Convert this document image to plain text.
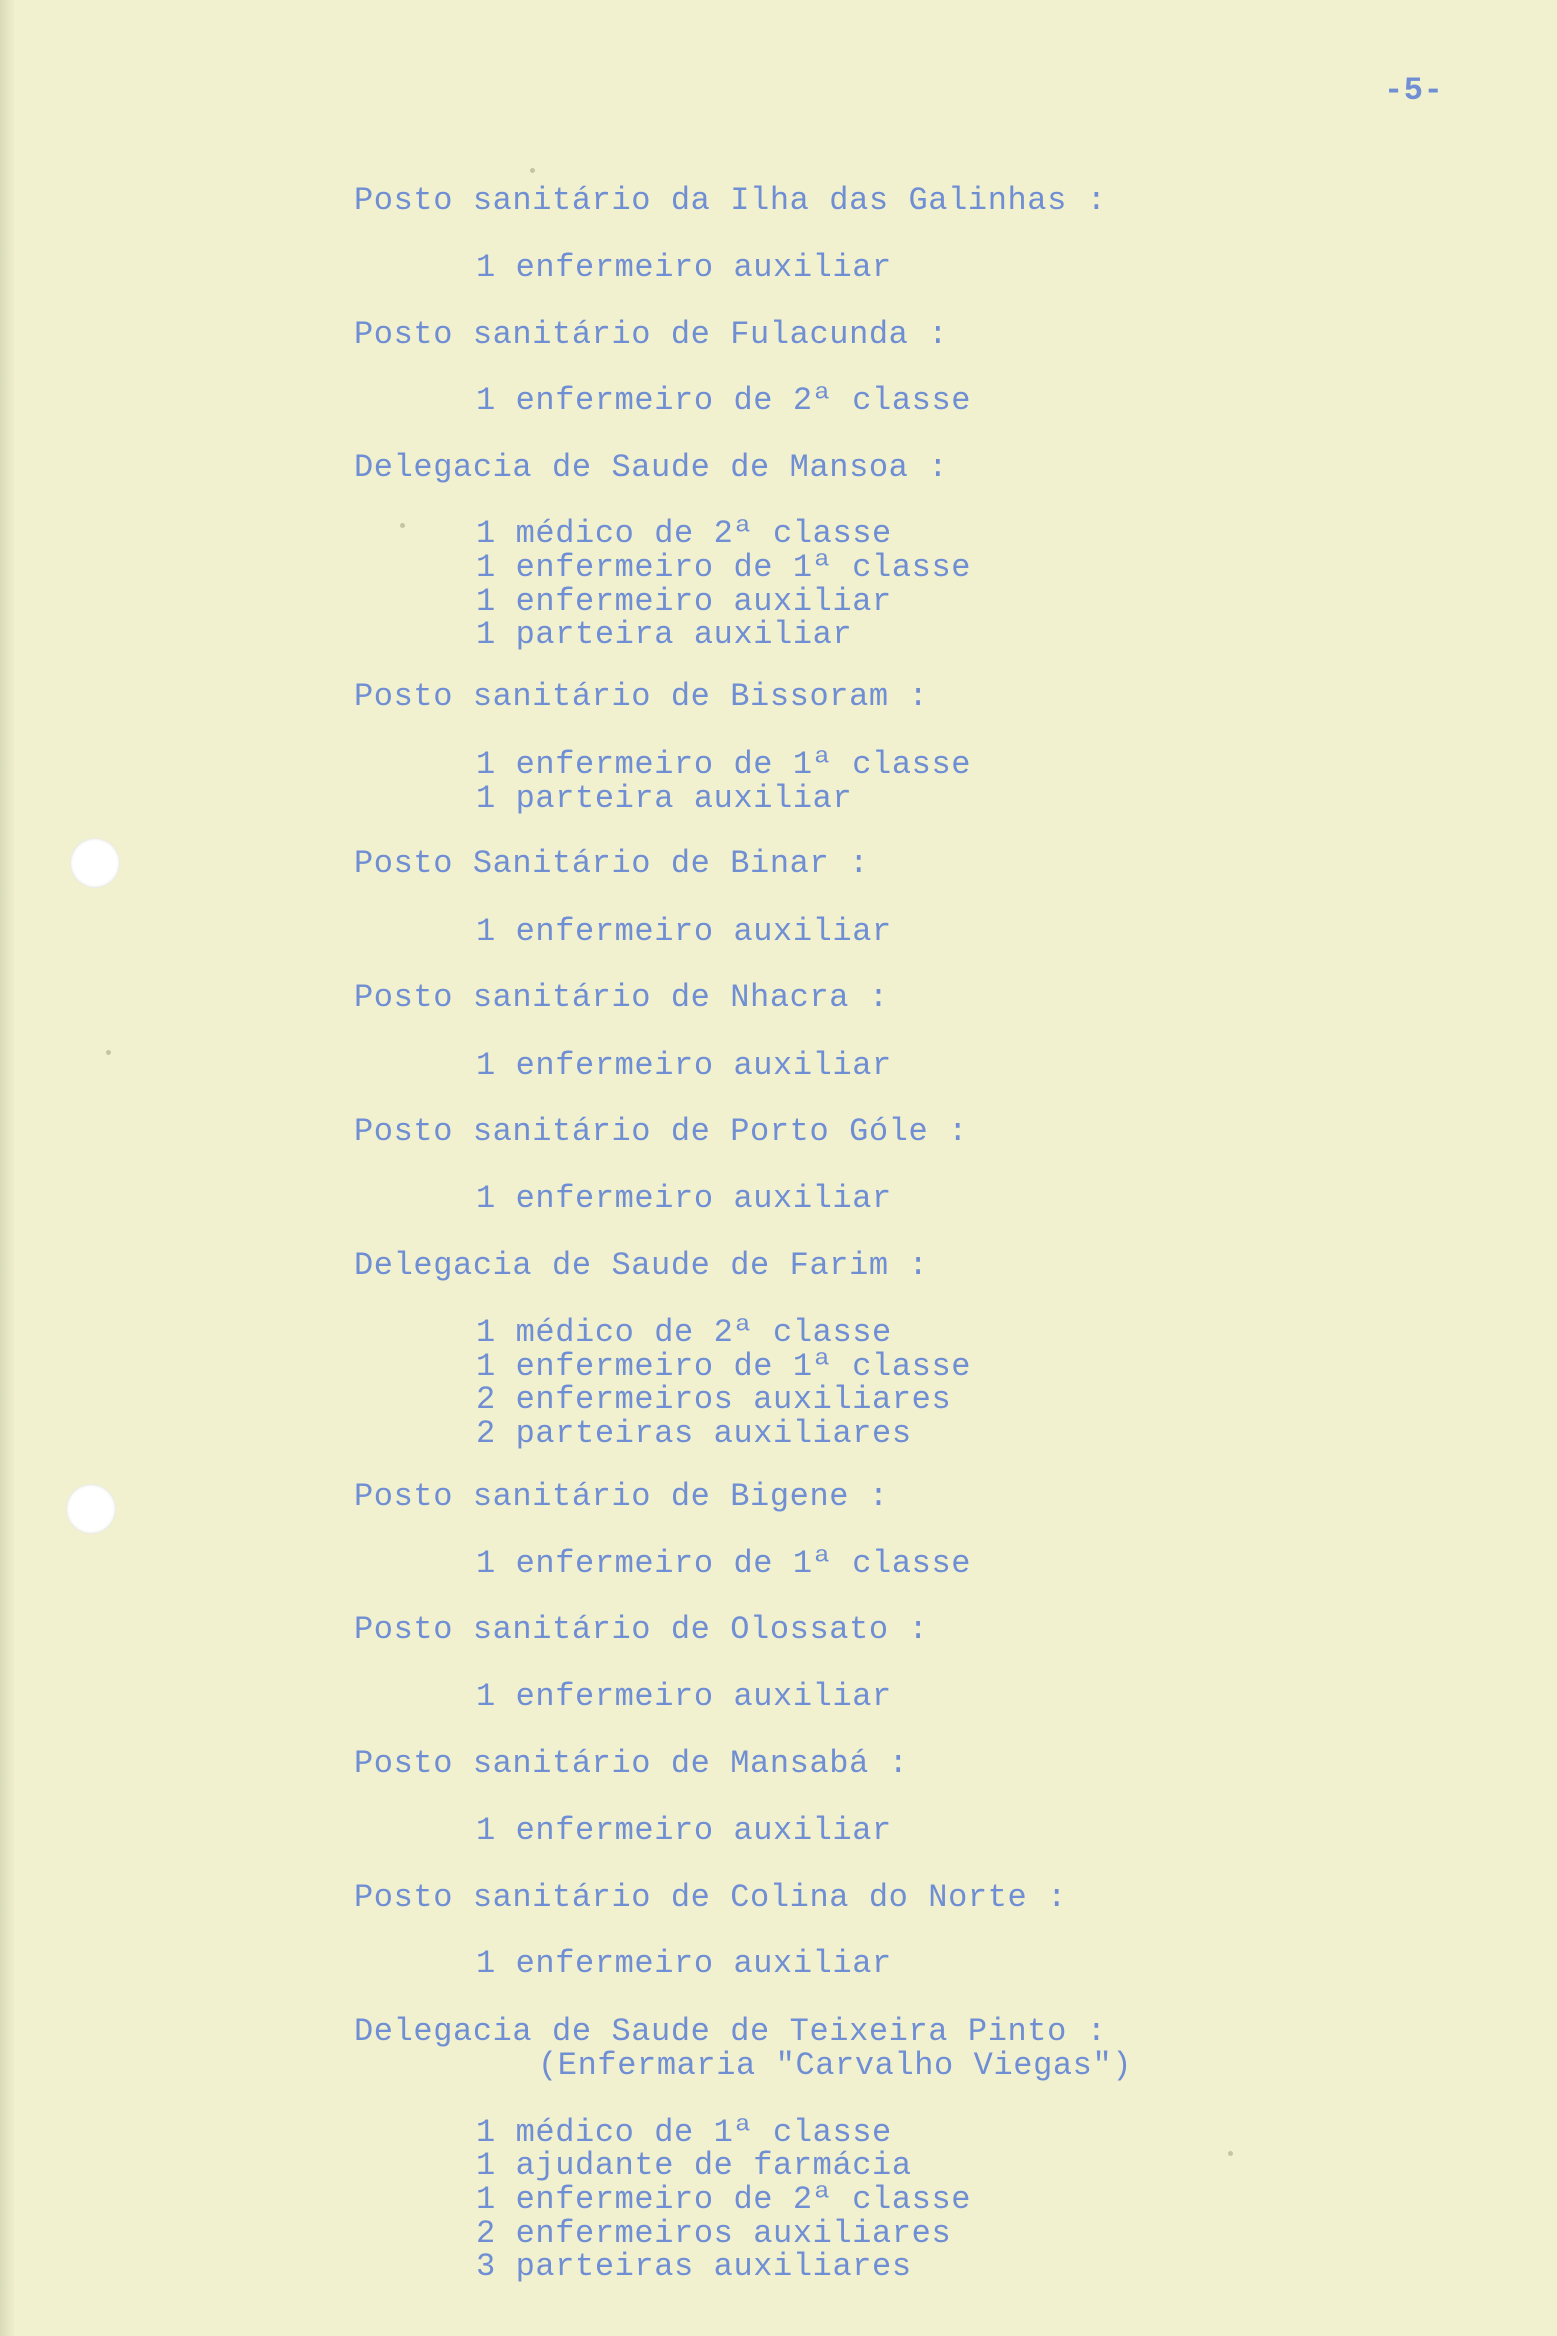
-5-
Posto sanitário da Ilha das Galinhas :
1 enfermeiro auxiliar
Posto sanitário de Fulacunda :
1 enfermeiro de 2ª classe
Delegacia de Saude de Mansoa :
1 médico de 2ª classe
1 enfermeiro de 1ª classe
1 enfermeiro auxiliar
1 parteira auxiliar
Posto sanitário de Bissoram :
1 enfermeiro de 1ª classe
1 parteira auxiliar
Posto Sanitário de Binar :
1 enfermeiro auxiliar
Posto sanitário de Nhacra :
1 enfermeiro auxiliar
Posto sanitário de Porto Góle :
1 enfermeiro auxiliar
Delegacia de Saude de Farim :
1 médico de 2ª classe
1 enfermeiro de 1ª classe
2 enfermeiros auxiliares
2 parteiras auxiliares
Posto sanitário de Bigene :
1 enfermeiro de 1ª classe
Posto sanitário de Olossato :
1 enfermeiro auxiliar
Posto sanitário de Mansabá :
1 enfermeiro auxiliar
Posto sanitário de Colina do Norte :
1 enfermeiro auxiliar
Delegacia de Saude de Teixeira Pinto :
(Enfermaria "Carvalho Viegas")
1 médico de 1ª classe
1 ajudante de farmácia
1 enfermeiro de 2ª classe
2 enfermeiros auxiliares
3 parteiras auxiliares
